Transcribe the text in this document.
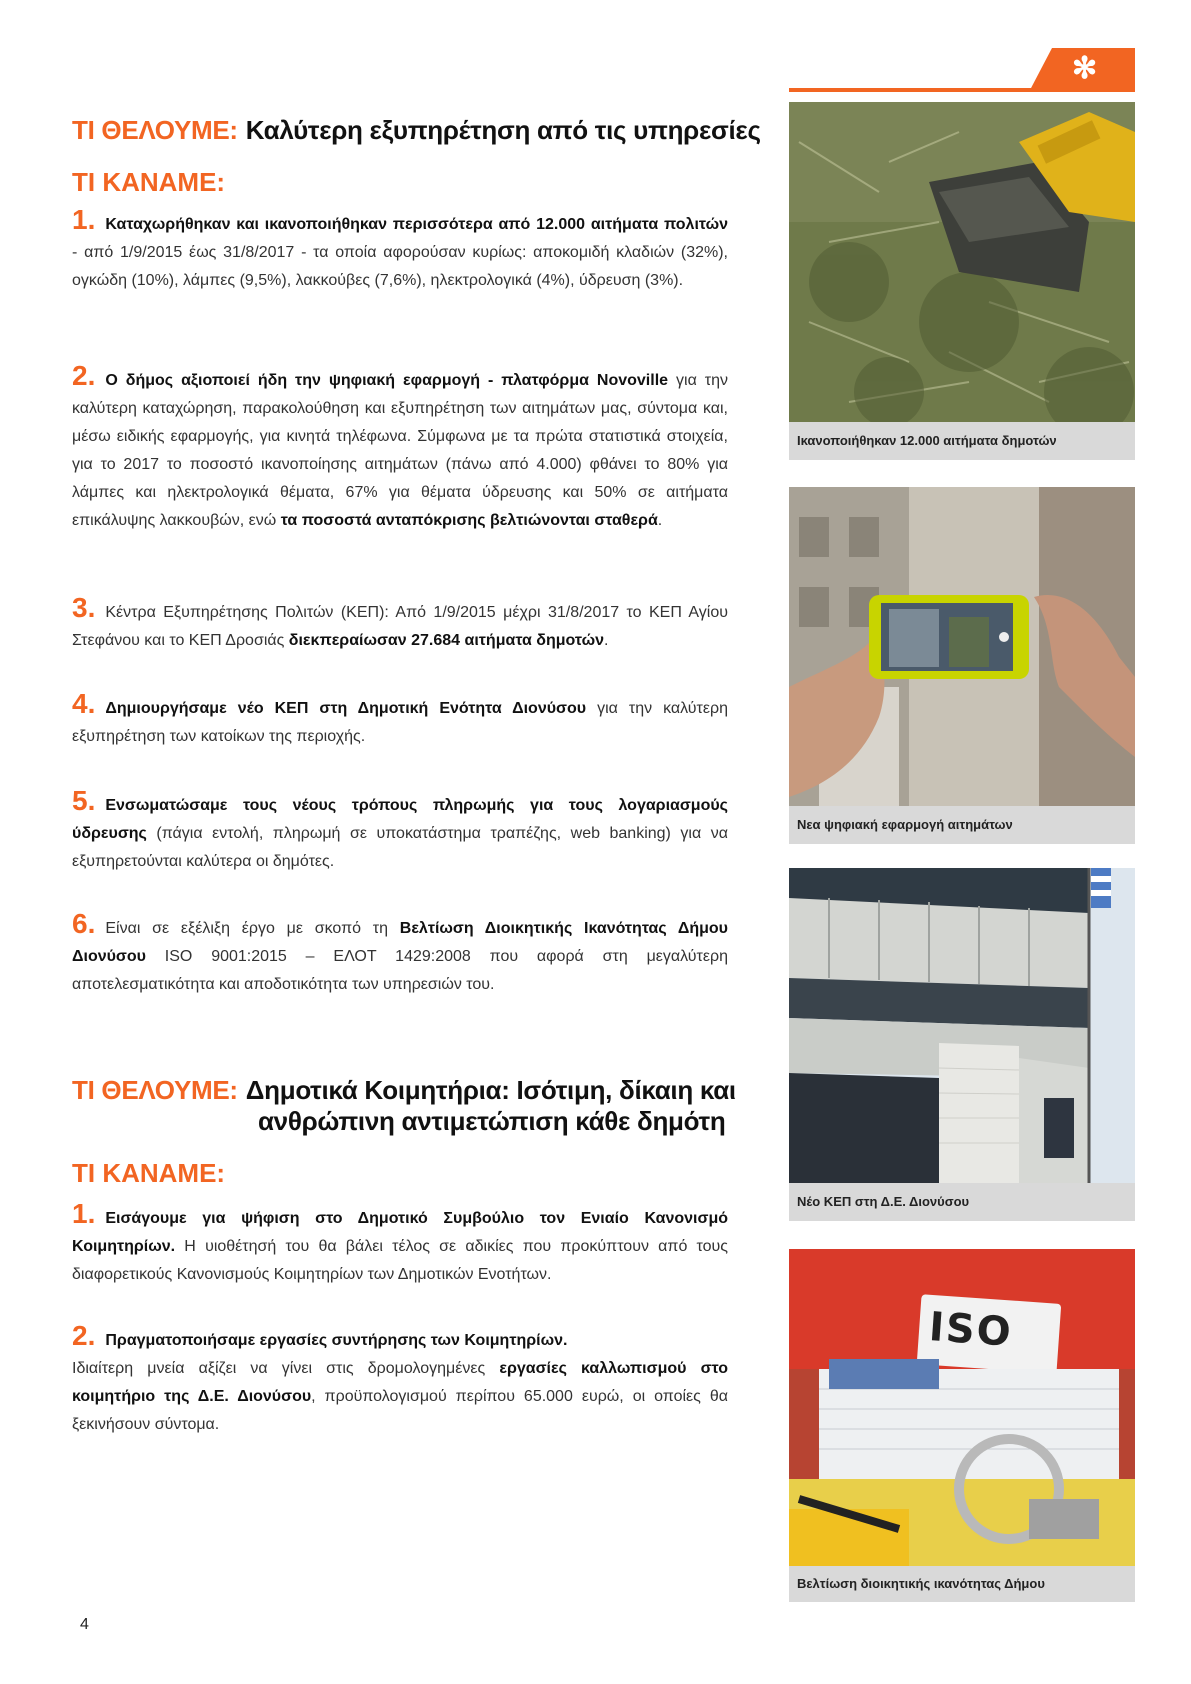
✻
ΤΙ ΘΕΛΟΥΜΕ: Καλύτερη εξυπηρέτηση από τις υπηρεσίες
ΤΙ ΚΑΝΑΜΕ:
1. Καταχωρήθηκαν και ικανοποιήθηκαν περισσότερα από 12.000 αιτήματα πολιτών - από 1/9/2015 έως 31/8/2017 - τα οποία αφορούσαν κυρίως: αποκομιδή κλαδιών (32%), ογκώδη (10%), λάμπες (9,5%), λακκούβες (7,6%), ηλεκτρολογικά (4%), ύδρευση (3%).
2. Ο δήμος αξιοποιεί ήδη την ψηφιακή εφαρμογή - πλατφόρμα Novoville για την καλύτερη καταχώρηση, παρακολούθηση και εξυπηρέτηση των αιτημάτων μας, σύντομα και, μέσω ειδικής εφαρμογής, για κινητά τηλέφωνα. Σύμφωνα με τα πρώτα στατιστικά στοιχεία, για το 2017 το ποσοστό ικανοποίησης αιτημάτων (πάνω από 4.000) φθάνει το 80% για λάμπες και ηλεκτρολογικά θέματα, 67% για θέματα ύδρευσης και 50% σε αιτήματα επικάλυψης λακκουβών, ενώ τα ποσοστά ανταπόκρισης βελτιώνονται σταθερά.
3. Κέντρα Εξυπηρέτησης Πολιτών (ΚΕΠ): Από 1/9/2015 μέχρι 31/8/2017 το ΚΕΠ Αγίου Στεφάνου και το ΚΕΠ Δροσιάς διεκπεραίωσαν 27.684 αιτήματα δημοτών.
4. Δημιουργήσαμε νέο ΚΕΠ στη Δημοτική Ενότητα Διονύσου για την καλύτερη εξυπηρέτηση των κατοίκων της περιοχής.
5. Ενσωματώσαμε τους νέους τρόπους πληρωμής για τους λογαριασμούς ύδρευσης (πάγια εντολή, πληρωμή σε υποκατάστημα τραπέζης, web banking) για να εξυπηρετούνται καλύτερα οι δημότες.
6. Είναι σε εξέλιξη έργο με σκοπό τη Βελτίωση Διοικητικής Ικανότητας Δήμου Διονύσου ISO 9001:2015 – ΕΛΟΤ 1429:2008 που αφορά στη μεγαλύτερη αποτελεσματικότητα και αποδοτικότητα των υπηρεσιών του.
ΤΙ ΘΕΛΟΥΜΕ: Δημοτικά Κοιμητήρια: Ισότιμη, δίκαιη και
ανθρώπινη αντιμετώπιση κάθε δημότη
ΤΙ ΚΑΝΑΜΕ:
1. Εισάγουμε για ψήφιση στο Δημοτικό Συμβούλιο τον Ενιαίο Κανονισμό Κοιμητηρίων. Η υιοθέτησή του θα βάλει τέλος σε αδικίες που προκύπτουν από τους διαφορετικούς Κανονισμούς Κοιμητηρίων των Δημοτικών Ενοτήτων.
2. Πραγματοποιήσαμε εργασίες συντήρησης των Κοιμητηρίων.
Ιδιαίτερη μνεία αξίζει να γίνει στις δρομολογημένες εργασίες καλλωπισμού στο κοιμητήριο της Δ.Ε. Διονύσου, προϋπολογισμού περίπου 65.000 ευρώ, οι οποίες θα ξεκινήσουν σύντομα.
Ικανοποιήθηκαν 12.000 αιτήματα δημοτών
Νεα ψηφιακή εφαρμογή αιτημάτων
Νέο ΚΕΠ στη Δ.Ε. Διονύσου
ISO
Βελτίωση διοικητικής ικανότητας Δήμου
4
